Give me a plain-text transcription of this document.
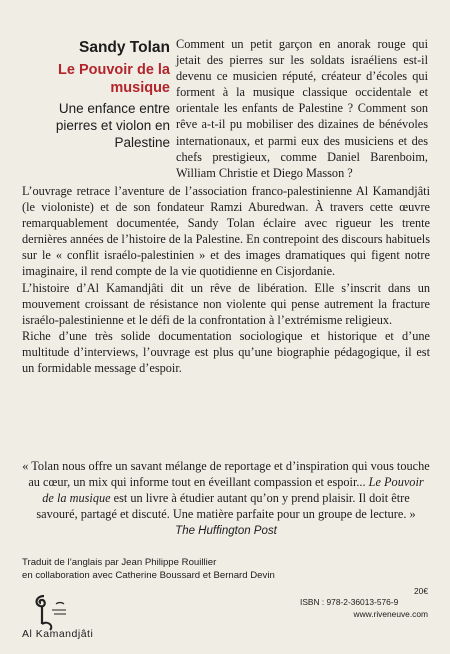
Sandy Tolan
Le Pouvoir de la musique
Une enfance entre pierres et violon en Palestine
Comment un petit garçon en anorak rouge qui jetait des pierres sur les soldats israéliens est-il devenu ce musicien réputé, créateur d’écoles qui forment à la musique classique occidentale et orientale les enfants de Palestine ? Comment son rêve a-t-il pu mobiliser des dizaines de bénévoles internationaux, et parmi eux des musiciens et des chefs prestigieux, comme Daniel Barenboim, William Christie et Diego Masson ?

L’ouvrage retrace l’aventure de l’association franco-palestinienne Al Kamandjâti (le violoniste) et de son fondateur Ramzi Aburedwan. À travers cette œuvre remarquablement documentée, Sandy Tolan éclaire avec rigueur les trente dernières années de l’histoire de la Palestine. En contrepoint des discours habituels sur le « conflit israélo-palestinien » et des images dramatiques qui figent notre imaginaire, il rend compte de la vie quotidienne en Cisjordanie.

L’histoire d’Al Kamandjâti dit un rêve de libération. Elle s’inscrit dans un mouvement croissant de résistance non violente qui pense autrement la fracture israélo-palestinienne et le défi de la confrontation à l’extrémisme religieux.

Riche d’une très solide documentation sociologique et historique et d’une multitude d’interviews, l’ouvrage est plus qu’une biographie pédagogique, il est un formidable message d’espoir.

« Tolan nous offre un savant mélange de reportage et d’inspiration qui vous touche au cœur, un mix qui informe tout en éveillant compassion et espoir... Le Pouvoir de la musique est un livre à étudier autant qu’on y prend plaisir. Il doit être savouré, partagé et discuté. Une matière parfaite pour un groupe de lecture. »
The Huffington Post
Traduit de l’anglais par Jean Philippe Rouillier
en collaboration avec Catherine Boussard et Bernard Devin
Al Kamandjâti
20€
ISBN : 978-2-36013-576-9
www.riveneuve.com
